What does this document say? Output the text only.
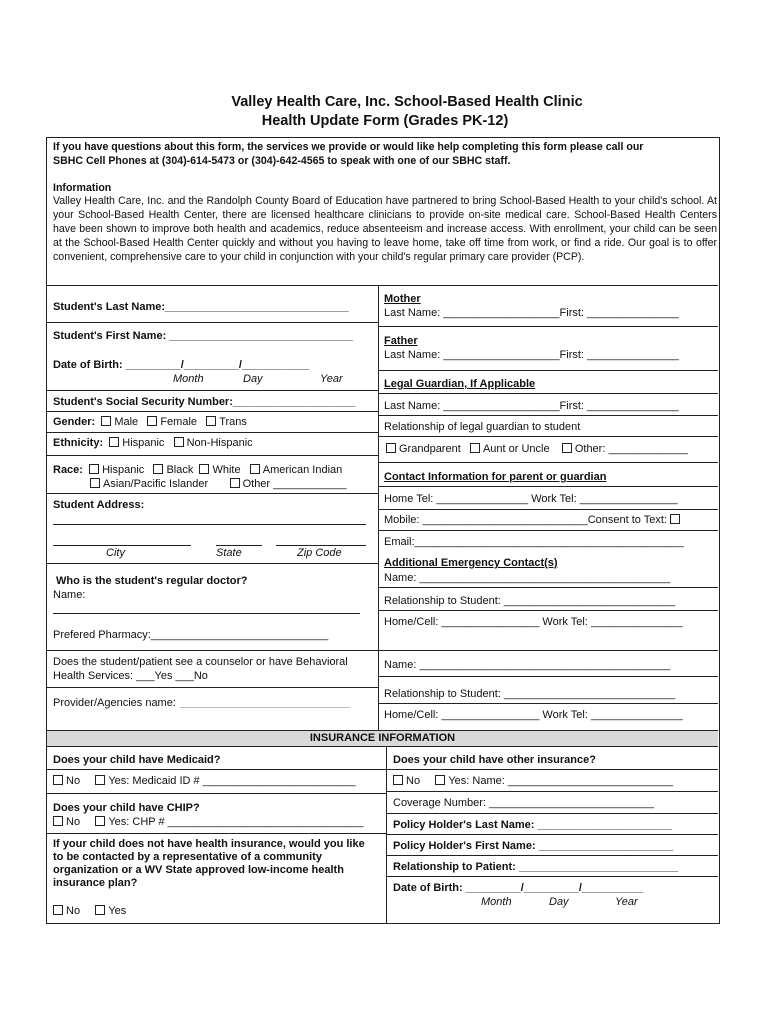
Valley Health Care, Inc. School-Based Health Clinic
Health Update Form (Grades PK-12)
If you have questions about this form, the services we provide or would like help completing this form please call our
SBHC Cell Phones at (304)-614-5473 or (304)-642-4565 to speak with one of our SBHC staff.
Information
Valley Health Care, Inc. and the Randolph County Board of Education have partnered to bring School-Based Health to your child's school. At your School-Based Health Center, there are licensed healthcare clinicians to provide on-site medical care. School-Based Health Centers have been shown to improve both health and academics, reduce absenteeism and increase access. With enrollment, your child can be seen at the School-Based Health Center quickly and without you having to leave home, take off time from work, or find a ride. Our goal is to offer convenient, comprehensive care to your child in conjunction with your child's regular primary care provider (PCP).
Student's Last Name:______________________________
Student's First Name: ______________________________
Date of Birth: _________/_________/___________
Month	Day	Year
Student's Social Security Number:____________________
Gender: Male Female Trans
Ethnicity: Hispanic Non-Hispanic
Race: Hispanic Black White American Indian
Asian/Pacific Islander	Other ____________
Student Address:
City	State	Zip Code
Who is the student's regular doctor?
Name:
Prefered Pharmacy:_____________________________
Does the student/patient see a counselor or have Behavioral
Health Services: ___Yes ___No
Provider/Agencies name:
Mother
Last Name: ___________________First: _______________
Father
Last Name: ___________________First: _______________
Legal Guardian, If Applicable
Last Name: ___________________First: _______________
Relationship of legal guardian to student
Grandparent Aunt or Uncle Other: _____________
Contact Information for parent or guardian
Home Tel: _______________ Work Tel: ________________
Mobile: ___________________________Consent to Text:
Email:____________________________________________
Additional Emergency Contact(s)
Name: _________________________________________
Relationship to Student: ____________________________
Home/Cell: ________________ Work Tel: _______________
Name: _________________________________________
Relationship to Student: ____________________________
Home/Cell: ________________ Work Tel: _______________
INSURANCE INFORMATION
Does your child have Medicaid?
No	Yes: Medicaid ID # _________________________
Does your child have CHIP?
No	Yes: CHP # ________________________________
If your child does not have health insurance, would you like
to be contacted by a representative of a community
organization or a WV State approved low-income health
insurance plan?
No	Yes
Does your child have other insurance?
No	Yes: Name: ___________________________
Coverage Number: ___________________________
Policy Holder's Last Name: ______________________
Policy Holder's First Name: ______________________
Relationship to Patient: __________________________
Date of Birth: _________/_________/__________
Month	Day	Year
